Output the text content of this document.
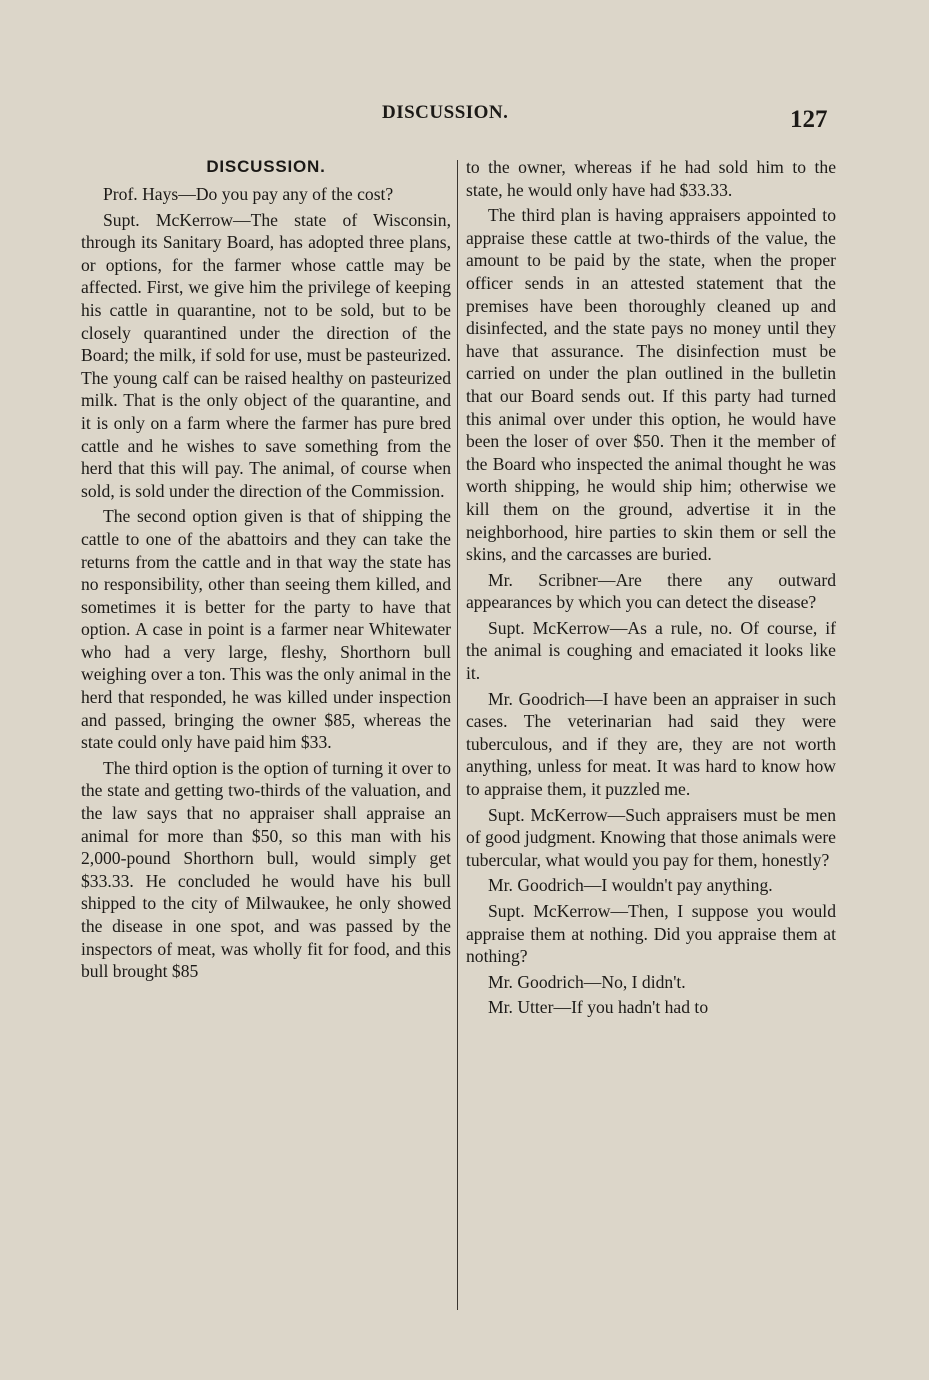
DISCUSSION.	127
DISCUSSION.

Prof. Hays—Do you pay any of the cost?

Supt. McKerrow—The state of Wisconsin, through its Sanitary Board, has adopted three plans, or options, for the farmer whose cattle may be affected. First, we give him the privilege of keeping his cattle in quarantine, not to be sold, but to be closely quarantined under the direction of the Board; the milk, if sold for use, must be pasteurized. The young calf can be raised healthy on pasteurized milk. That is the only object of the quarantine, and it is only on a farm where the farmer has pure bred cattle and he wishes to save something from the herd that this will pay. The animal, of course when sold, is sold under the direction of the Commission.

The second option given is that of shipping the cattle to one of the abattoirs and they can take the returns from the cattle and in that way the state has no responsibility, other than seeing them killed, and sometimes it is better for the party to have that option. A case in point is a farmer near Whitewater who had a very large, fleshy, Shorthorn bull weighing over a ton. This was the only animal in the herd that responded, he was killed under inspection and passed, bringing the owner $85, whereas the state could only have paid him $33.

The third option is the option of turning it over to the state and getting two-thirds of the valuation, and the law says that no appraiser shall appraise an animal for more than $50, so this man with his 2,000-pound Shorthorn bull, would simply get $33.33. He concluded he would have his bull shipped to the city of Milwaukee, he only showed the disease in one spot, and was passed by the inspectors of meat, was wholly fit for food, and this bull brought $85

to the owner, whereas if he had sold him to the state, he would only have had $33.33.

The third plan is having appraisers appointed to appraise these cattle at two-thirds of the value, the amount to be paid by the state, when the proper officer sends in an attested statement that the premises have been thoroughly cleaned up and disinfected, and the state pays no money until they have that assurance. The disinfection must be carried on under the plan outlined in the bulletin that our Board sends out. If this party had turned this animal over under this option, he would have been the loser of over $50. Then it the member of the Board who inspected the animal thought he was worth shipping, he would ship him; otherwise we kill them on the ground, advertise it in the neighborhood, hire parties to skin them or sell the skins, and the carcasses are buried.

Mr. Scribner—Are there any outward appearances by which you can detect the disease?

Supt. McKerrow—As a rule, no. Of course, if the animal is coughing and emaciated it looks like it.

Mr. Goodrich—I have been an appraiser in such cases. The veterinarian had said they were tuberculous, and if they are, they are not worth anything, unless for meat. It was hard to know how to appraise them, it puzzled me.

Supt. McKerrow—Such appraisers must be men of good judgment. Knowing that those animals were tubercular, what would you pay for them, honestly?

Mr. Goodrich—I wouldn't pay anything.

Supt. McKerrow—Then, I suppose you would appraise them at nothing. Did you appraise them at nothing?

Mr. Goodrich—No, I didn't.

Mr. Utter—If you hadn't had to
